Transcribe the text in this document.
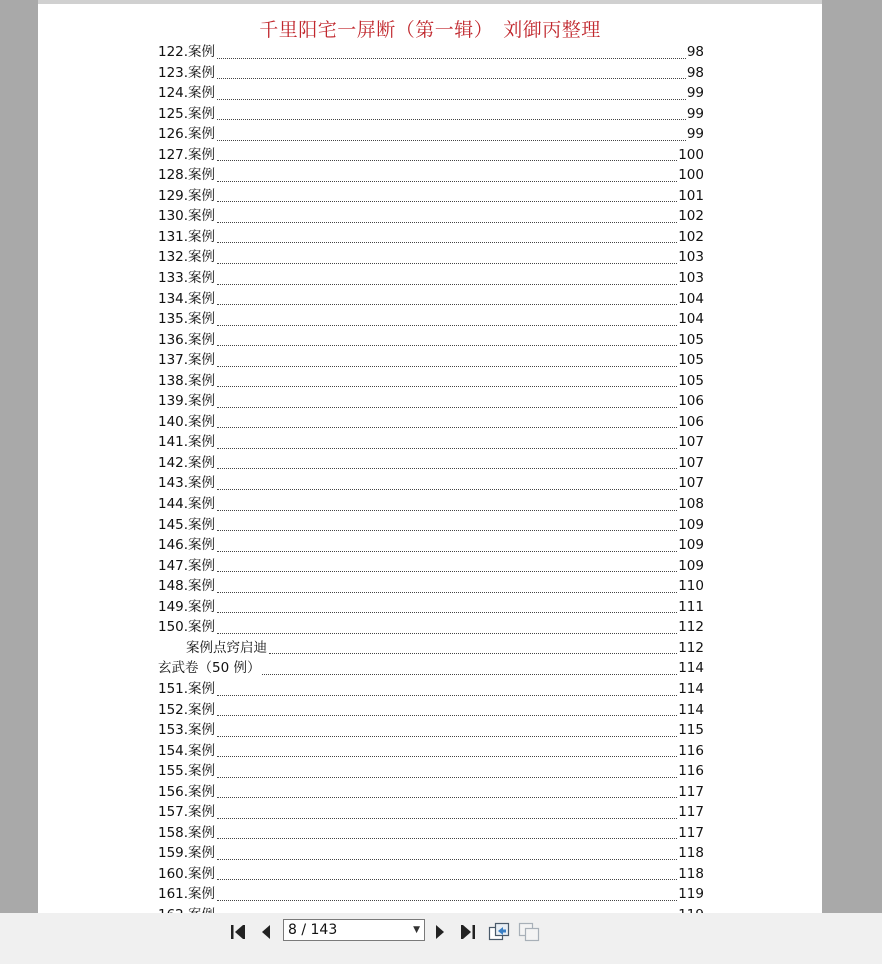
千里阳宅一屏断（第一辑）　刘御丙整理
122.案例	98
123.案例	98
124.案例	99
125.案例	99
126.案例	99
127.案例	100
128.案例	100
129.案例	101
130.案例	102
131.案例	102
132.案例	103
133.案例	103
134.案例	104
135.案例	104
136.案例	105
137.案例	105
138.案例	105
139.案例	106
140.案例	106
141.案例	107
142.案例	107
143.案例	107
144.案例	108
145.案例	109
146.案例	109
147.案例	109
148.案例	110
149.案例	111
150.案例	112
案例点窍启迪	112
玄武卷（50 例）	114
151.案例	114
152.案例	114
153.案例	115
154.案例	116
155.案例	116
156.案例	117
157.案例	117
158.案例	117
159.案例	118
160.案例	118
161.案例	119
8 / 143	▼
